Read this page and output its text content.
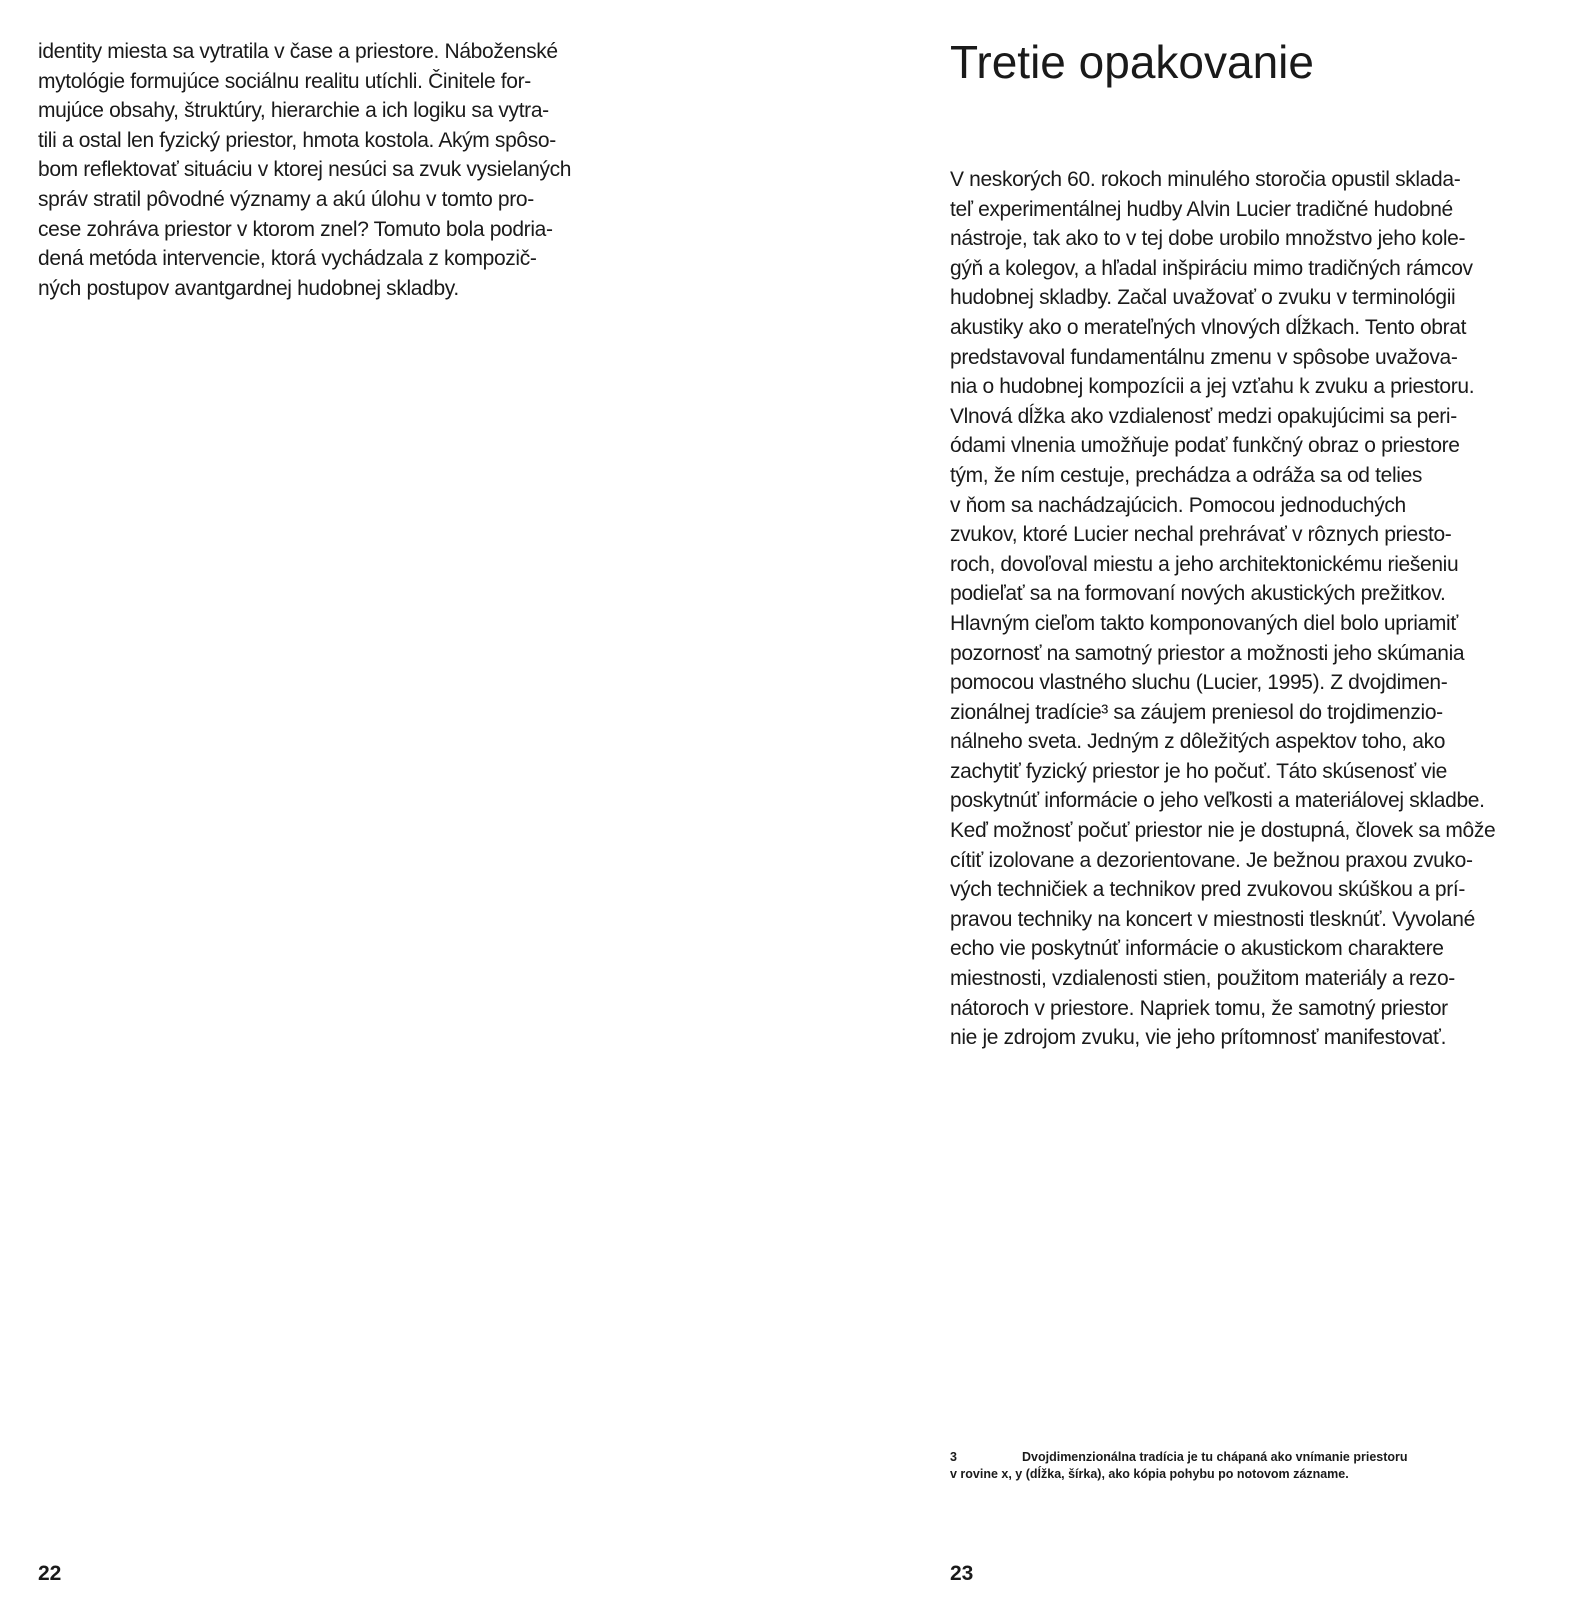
identity miesta sa vytratila v čase a priestore. Náboženské
mytológie formujúce sociálnu realitu utíchli. Činitele for-
mujúce obsahy, štruktúry, hierarchie a ich logiku sa vytra-
tili a ostal len fyzický priestor, hmota kostola. Akým spôso-
bom reflektovať situáciu v ktorej nesúci sa zvuk vysielaných
správ stratil pôvodné významy a akú úlohu v tomto pro-
cese zohráva priestor v ktorom znel? Tomuto bola podria-
dená metóda intervencie, ktorá vychádzala z kompozič-
ných postupov avantgardnej hudobnej skladby.
22
Tretie opakovanie
V neskorých 60. rokoch minulého storočia opustil sklada-
teľ experimentálnej hudby Alvin Lucier tradičné hudobné
nástroje, tak ako to v tej dobe urobilo množstvo jeho kole-
gýň a kolegov, a hľadal inšpiráciu mimo tradičných rámcov
hudobnej skladby. Začal uvažovať o zvuku v terminológii
akustiky ako o merateľných vlnových dĺžkach. Tento obrat
predstavoval fundamentálnu zmenu v spôsobe uvažova-
nia o hudobnej kompozícii a jej vzťahu k zvuku a priestoru.
Vlnová dĺžka ako vzdialenosť medzi opakujúcimi sa peri-
ódami vlnenia umožňuje podať funkčný obraz o priestore
tým, že ním cestuje, prechádza a odráža sa od telies
v ňom sa nachádzajúcich. Pomocou jednoduchých
zvukov, ktoré Lucier nechal prehrávať v rôznych priesto-
roch, dovoľoval miestu a jeho architektonickému riešeniu
podieľať sa na formovaní nových akustických prežitkov.
Hlavným cieľom takto komponovaných diel bolo upriamiť
pozornosť na samotný priestor a možnosti jeho skúmania
pomocou vlastného sluchu (Lucier, 1995). Z dvojdimen-
zionálnej tradície³ sa záujem preniesol do trojdimenzio-
nálneho sveta. Jedným z dôležitých aspektov toho, ako
zachytiť fyzický priestor je ho počuť. Táto skúsenosť vie
poskytnúť informácie o jeho veľkosti a materiálovej skladbe.
Keď možnosť počuť priestor nie je dostupná, človek sa môže
cítiť izolovane a dezorientovane. Je bežnou praxou zvuko-
vých techničiek a technikov pred zvukovou skúškou a prí-
pravou techniky na koncert v miestnosti tlesknúť. Vyvolané
echo vie poskytnúť informácie o akustickom charaktere
miestnosti, vzdialenosti stien, použitom materiály a rezo-
nátoroch v priestore. Napriek tomu, že samotný priestor
nie je zdrojom zvuku, vie jeho prítomnosť manifestovať.
3	Dvojdimenzionálna tradícia je tu chápaná ako vnímanie priestoru
v rovine x, y (dĺžka, šírka), ako kópia pohybu po notovom zázname.
23
